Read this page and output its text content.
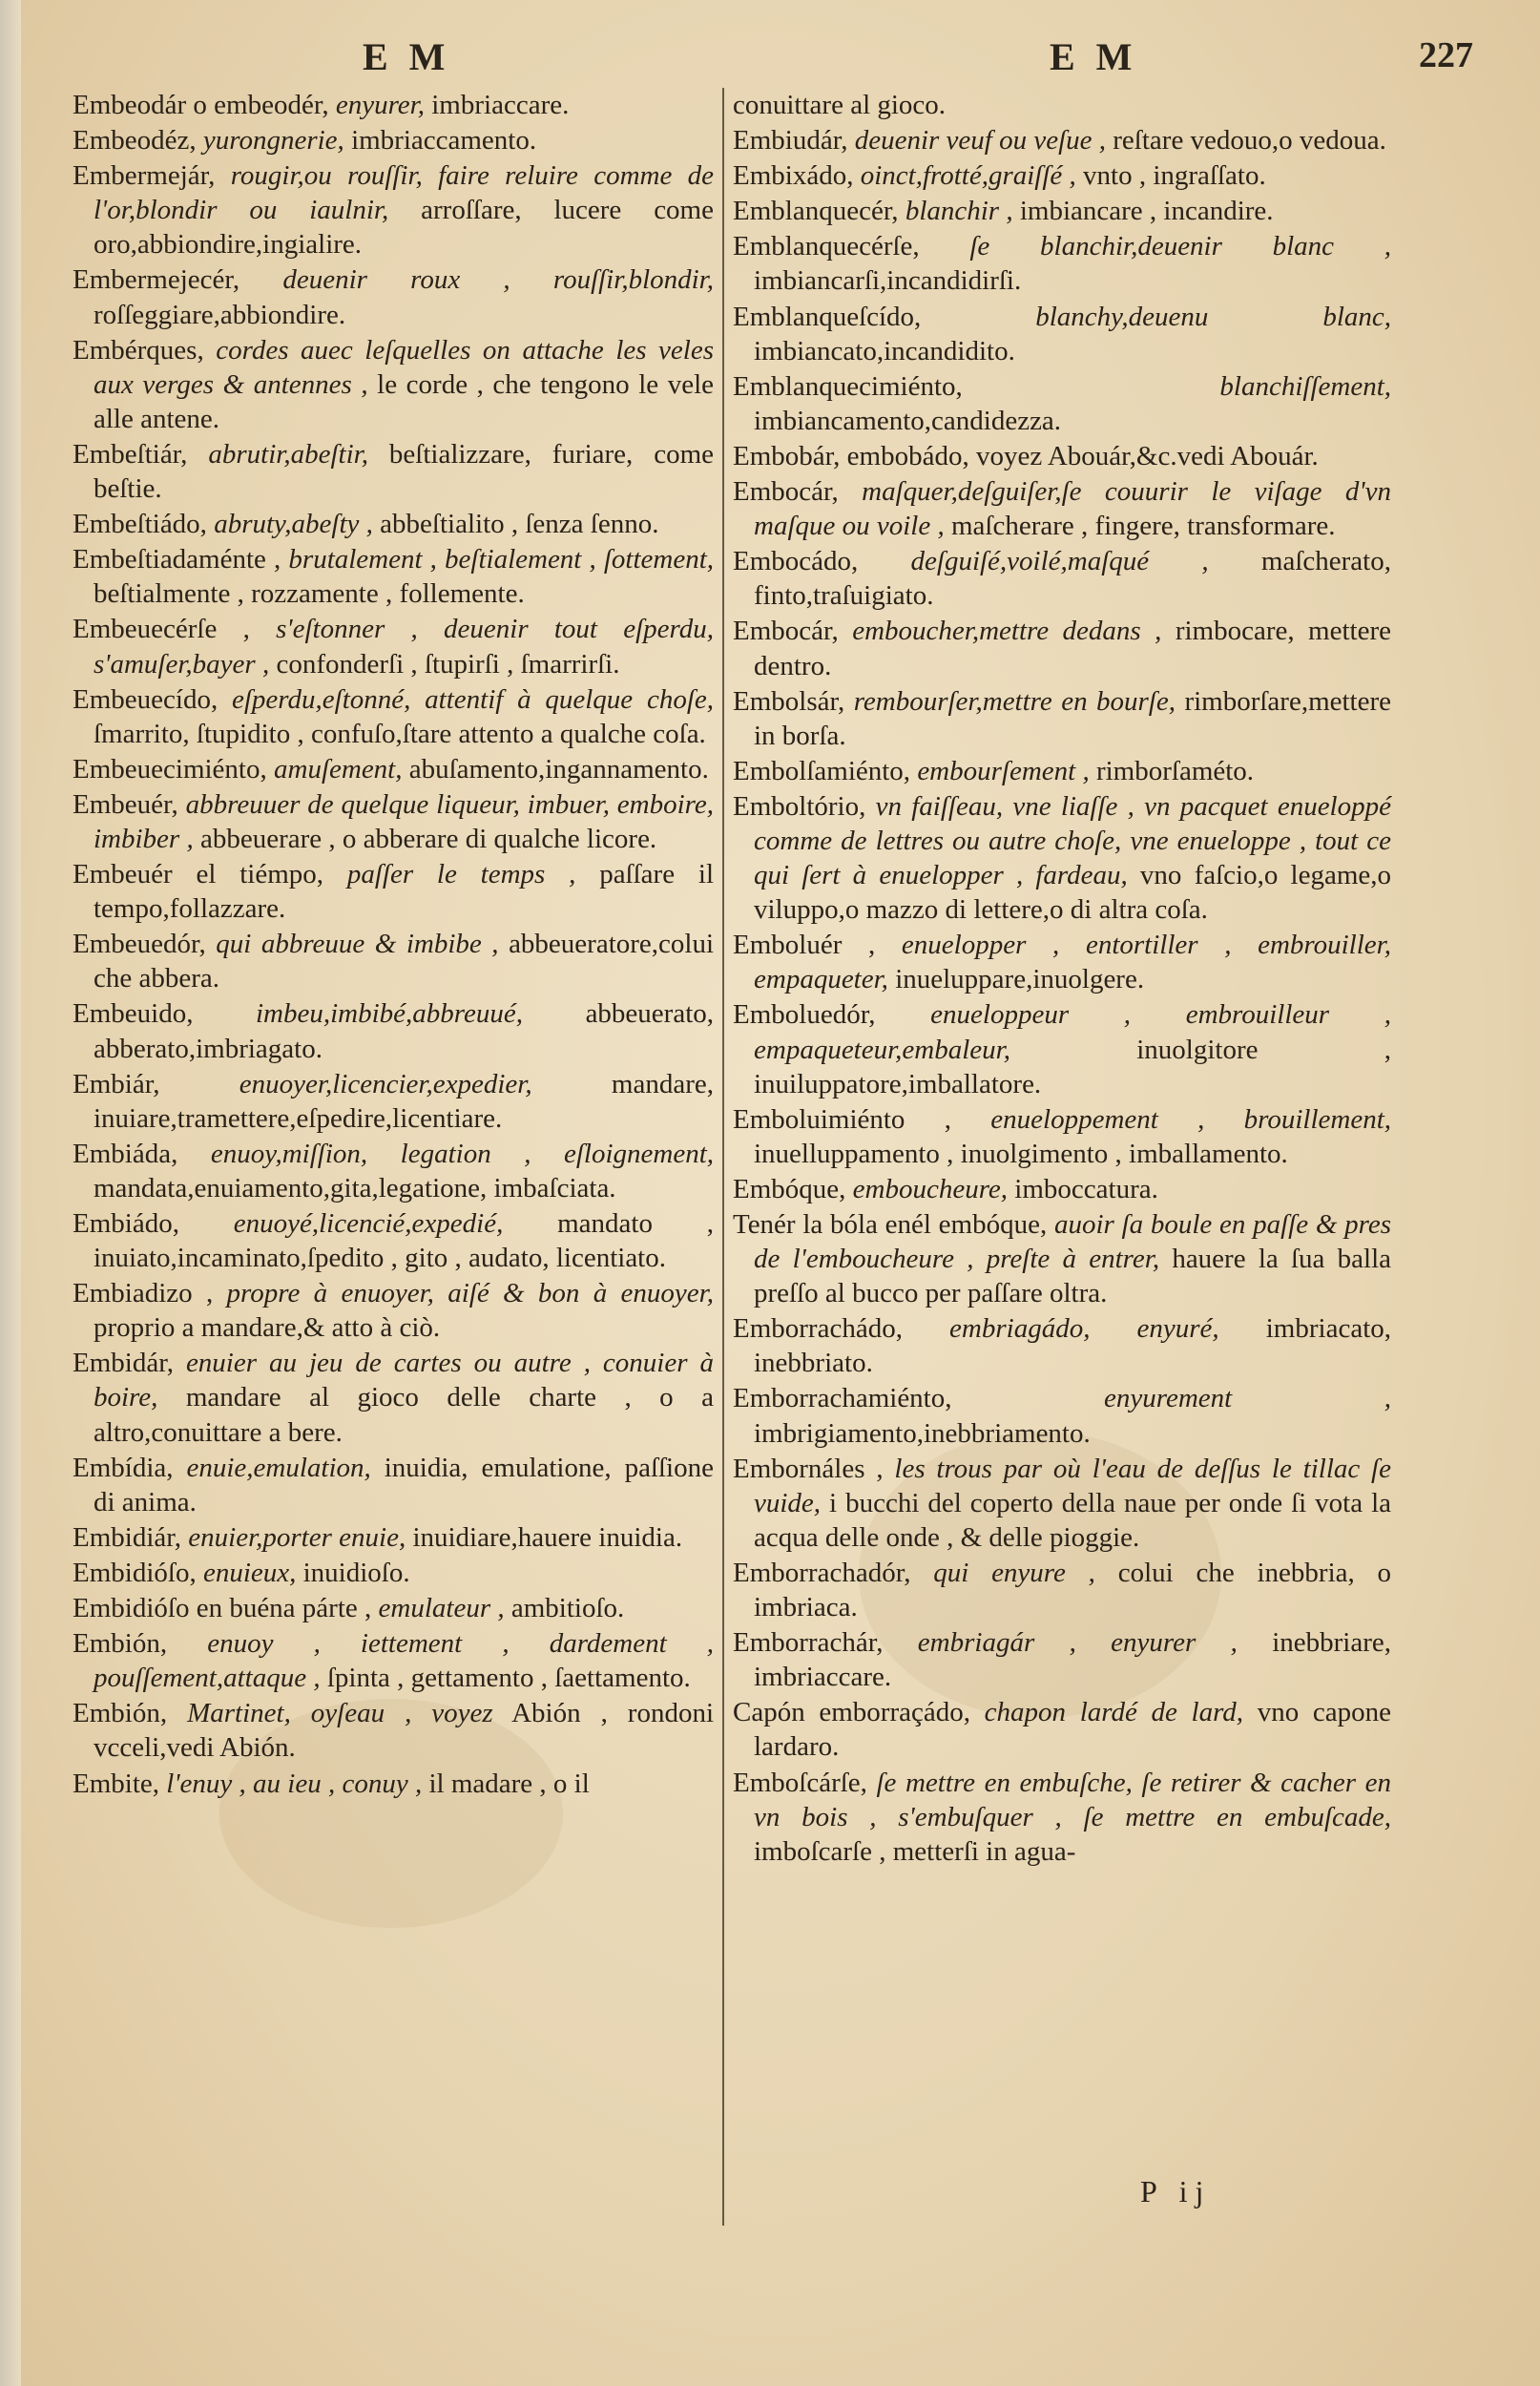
E M	E M	227

Embeodár o embeodér, enyurer, imbriaccare.

Embeodéz, yurongnerie, imbriaccamento.

Embermejár, rougir,ou rouſſir, faire reluire comme de l'or,blondir ou iaulnir, arroſſare, lucere come oro,abbiondire,ingialire.

Embermejecér, deuenir roux , rouſſir,blondir, roſſeggiare,abbiondire.

Embérques, cordes auec leſquelles on attache les veles aux verges & antennes , le corde , che tengono le vele alle antene.

Embeſtiár, abrutir,abeſtir, beſtializzare, furiare, come beſtie.

Embeſtiádo, abruty,abeſty , abbeſtialito , ſenza ſenno.

Embeſtiadaménte , brutalement , beſtialement , ſottement, beſtialmente , rozzamente , follemente.

Embeuecérſe , s'eſtonner , deuenir tout eſperdu, s'amuſer,bayer , confonderſi , ſtupirſi , ſmarrirſi.

Embeuecído, eſperdu,eſtonné, attentif à quelque choſe, ſmarrito, ſtupidito , confuſo,ſtare attento a qualche coſa.

Embeuecimiénto, amuſement, abuſamento,ingannamento.

Embeuér, abbreuuer de quelque liqueur, imbuer, emboire, imbiber , abbeuerare , o abberare di qualche licore.

Embeuér el tiémpo, paſſer le temps , paſſare il tempo,follazzare.

Embeuedór, qui abbreuue & imbibe , abbeueratore,colui che abbera.

Embeuido, imbeu,imbibé,abbreuué, abbeuerato, abberato,imbriagato.

Embiár,	enuoyer,licencier,expedier,	mandare, inuiare,tramettere,eſpedire,licentiare.

Embiáda, enuoy,miſſion, legation , eſloignement, mandata,enuiamento,gita,legatione, imbaſciata.

Embiádo, enuoyé,licencié,expedié, mandato , inuiato,incaminato,ſpedito , gito , audato, licentiato.

Embiadizo , propre à enuoyer, aiſé & bon à enuoyer, proprio a mandare,& atto à ciò.

Embidár, enuier au jeu de cartes ou autre , conuier à boire, mandare al gioco delle charte , o a altro,conuittare a bere.

Embídia, enuie,emulation, inuidia, emulatione, paſſione di anima.

Embidiár, enuier,porter enuie, inuidiare,hauere inuidia.

Embidióſo, enuieux, inuidioſo.

Embidióſo en buéna párte , emulateur , ambitioſo.

Embión, enuoy , iettement , dardement , pouſſement,attaque , ſpinta , gettamento , ſaettamento.

Embión, Martinet, oyſeau , voyez Abión , rondoni vcceli,vedi Abión.

Embite, l'enuy , au ieu , conuy , il madare , o il

conuittare al gioco.

Embiudár, deuenir veuf ou veſue , reſtare vedouo,o vedoua.

Embixádo, oinct,frotté,graiſſé , vnto , ingraſſato.

Emblanquecér, blanchir , imbiancare , incandire.

Emblanquecérſe, ſe blanchir,deuenir blanc , imbiancarſi,incandidirſi.

Emblanqueſcído,	blanchy,deuenu blanc, imbiancato,incandidito.

Emblanquecimiénto,	blanchiſſement, imbiancamento,candidezza.

Embobár, embobádo, voyez Abouár,&c.vedi Abouár.

Embocár, maſquer,deſguiſer,ſe couurir le viſage d'vn maſque ou voile , maſcherare , fingere, transformare.

Embocádo, deſguiſé,voilé,maſqué , maſcherato, finto,traſuigiato.

Embocár, emboucher,mettre dedans , rimbocare, mettere dentro.

Embolsár, rembourſer,mettre en bourſe, rimborſare,mettere in borſa.

Embolſamiénto, embourſement , rimborſaméto.

Emboltório, vn faiſſeau, vne liaſſe , vn pacquet enueloppé comme de lettres ou autre choſe, vne enueloppe , tout ce qui ſert à enuelopper , fardeau, vno faſcio,o legame,o viluppo,o mazzo di lettere,o di altra coſa.

Emboluér , enuelopper , entortiller , embrouiller, empaqueter, inueluppare,inuolgere.

Emboluedór, enueloppeur , embrouilleur , empaqueteur,embaleur,	inuolgitore , inuiluppatore,imballatore.

Emboluimiénto , enueloppement , brouillement, inuelluppamento , inuolgimento , imballamento.

Embóque, emboucheure, imboccatura.

Tenér la bóla enél embóque, auoir ſa boule en paſſe & pres de l'emboucheure , preſte à entrer, hauere la ſua balla preſſo al bucco per paſſare oltra.

Emborrachádo, embriagádo, enyuré, imbriacato, inebbriato.

Emborrachamiénto,	enyurement , imbrigiamento,inebbriamento.

Embornáles , les trous par où l'eau de deſſus le tillac ſe vuide, i bucchi del coperto della naue per onde ſi vota la acqua delle onde , & delle pioggie.

Emborrachadór, qui enyure , colui che inebbria, o imbriaca.

Emborrachár, embriagár , enyurer , inebbriare, imbriaccare.

Capón emborraçádo, chapon lardé de lard, vno capone lardaro.

Emboſcárſe, ſe mettre en embuſche, ſe retirer & cacher en vn bois , s'embuſquer , ſe mettre en embuſcade, imboſcarſe , metterſi in agua-

P ij
